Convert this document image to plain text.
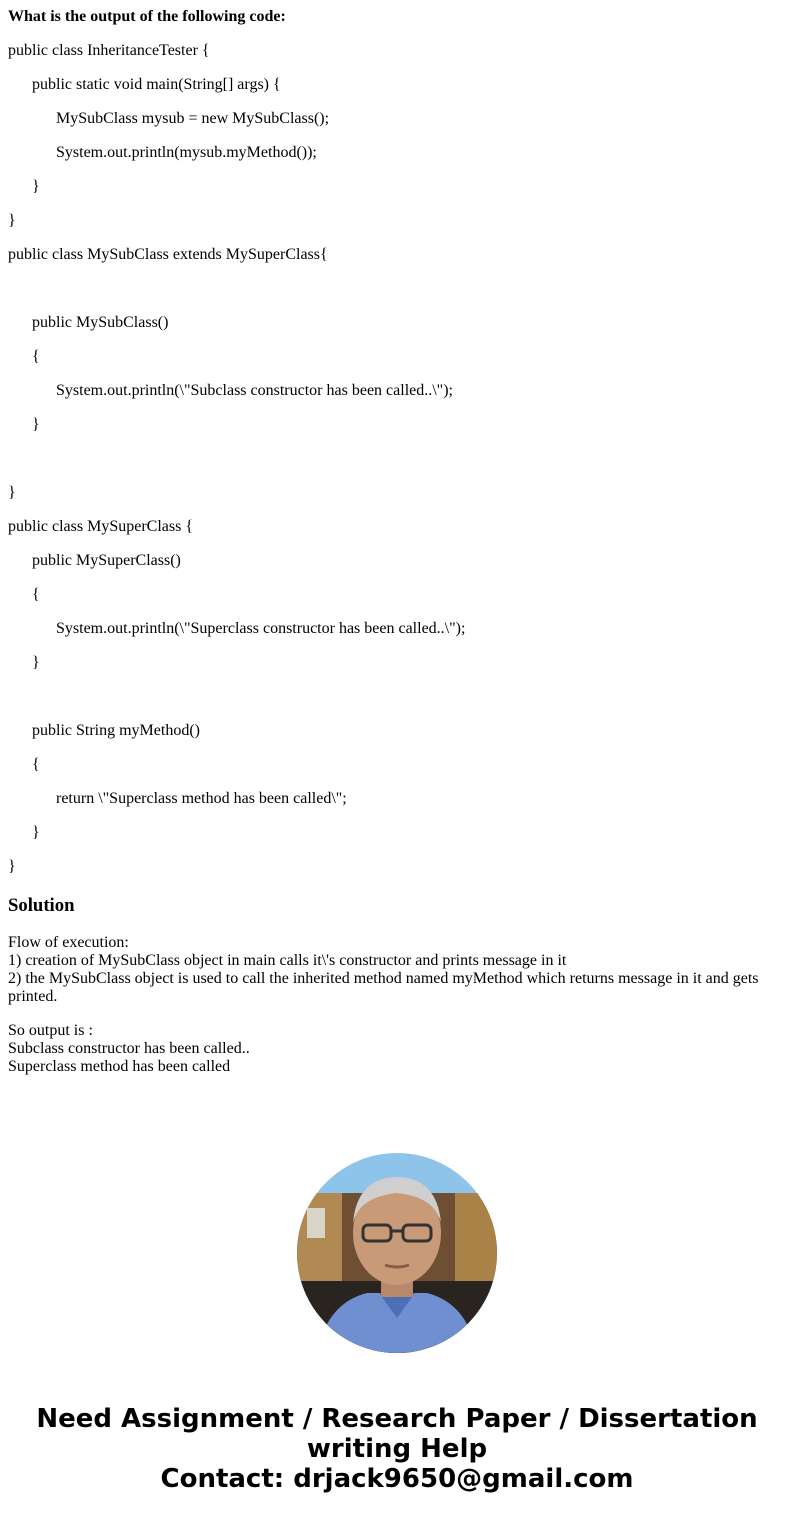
What is the output of the following code:
public class InheritanceTester {
public static void main(String[] args) {
MySubClass mysub = new MySubClass();
System.out.println(mysub.myMethod());
}
}
public class MySubClass extends MySuperClass{
public MySubClass()
{
System.out.println(\"Subclass constructor has been called..\");
}
}
public class MySuperClass {
public MySuperClass()
{
System.out.println(\"Superclass constructor has been called..\");
}
public String myMethod()
{
return \"Superclass method has been called\";
}
}
Solution
Flow of execution:
1) creation of MySubClass object in main calls it\'s constructor and prints message in it
2) the MySubClass object is used to call the inherited method named myMethod which returns message in it and gets printed.
So output is :
Subclass constructor has been called..
Superclass method has been called
Need Assignment / Research Paper / Dissertation
writing Help
Contact: drjack9650@gmail.com
